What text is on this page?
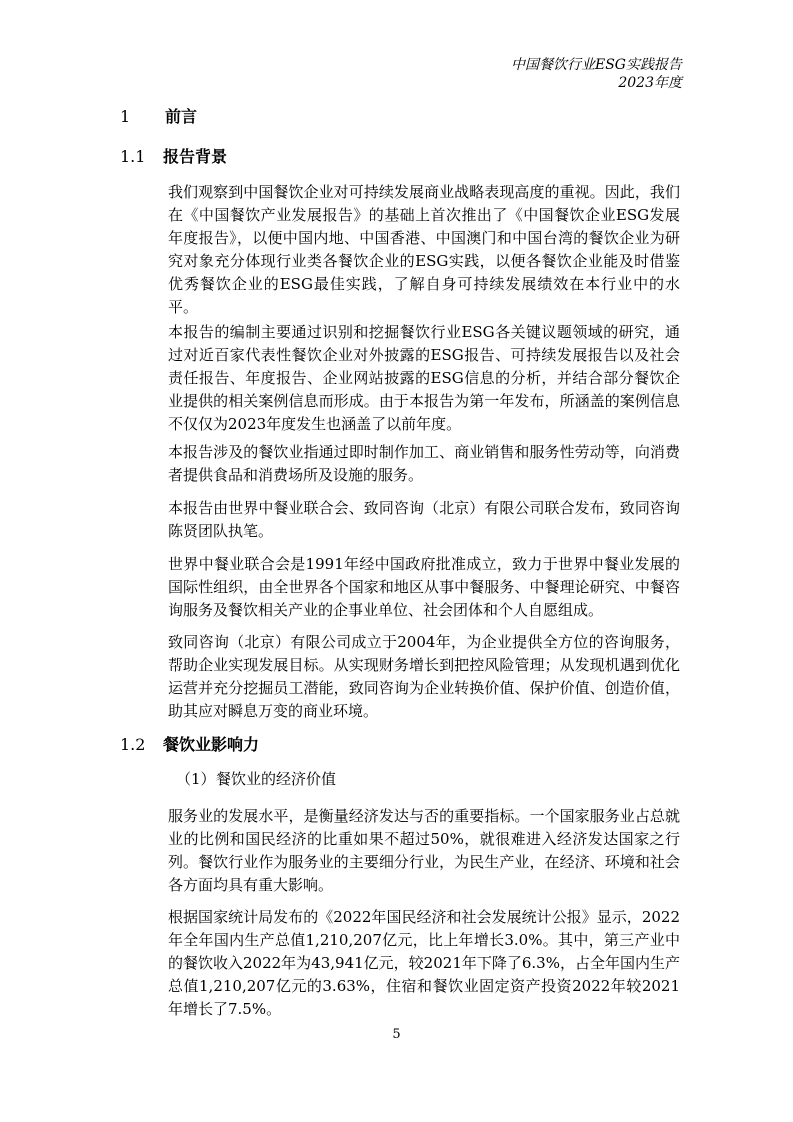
中国餐饮行业ESG实践报告
2023年度
1 前言
1.1 报告背景

我们观察到中国餐饮企业对可持续发展商业战略表现高度的重视。因此，我们在《中国餐饮产业发展报告》的基础上首次推出了《中国餐饮企业ESG发展年度报告》，以便中国内地、中国香港、中国澳门和中国台湾的餐饮企业为研究对象充分体现行业类各餐饮企业的ESG实践，以便各餐饮企业能及时借鉴优秀餐饮企业的ESG最佳实践，了解自身可持续发展绩效在本行业中的水平。

本报告的编制主要通过识别和挖掘餐饮行业ESG各关键议题领域的研究，通过对近百家代表性餐饮企业对外披露的ESG报告、可持续发展报告以及社会责任报告、年度报告、企业网站披露的ESG信息的分析，并结合部分餐饮企业提供的相关案例信息而形成。由于本报告为第一年发布，所涵盖的案例信息不仅仅为2023年度发生也涵盖了以前年度。

本报告涉及的餐饮业指通过即时制作加工、商业销售和服务性劳动等，向消费者提供食品和消费场所及设施的服务。

本报告由世界中餐业联合会、致同咨询（北京）有限公司联合发布，致同咨询陈贤团队执笔。

世界中餐业联合会是1991年经中国政府批准成立，致力于世界中餐业发展的国际性组织，由全世界各个国家和地区从事中餐服务、中餐理论研究、中餐咨询服务及餐饮相关产业的企事业单位、社会团体和个人自愿组成。

致同咨询（北京）有限公司成立于2004年，为企业提供全方位的咨询服务，帮助企业实现发展目标。从实现财务增长到把控风险管理；从发现机遇到优化运营并充分挖掘员工潜能，致同咨询为企业转换价值、保护价值、创造价值，助其应对瞬息万变的商业环境。

1.2 餐饮业影响力
（1）餐饮业的经济价值

服务业的发展水平，是衡量经济发达与否的重要指标。一个国家服务业占总就业的比例和国民经济的比重如果不超过50%，就很难进入经济发达国家之行列。餐饮行业作为服务业的主要细分行业，为民生产业，在经济、环境和社会各方面均具有重大影响。

根据国家统计局发布的《2022年国民经济和社会发展统计公报》显示，2022年全年国内生产总值1,210,207亿元，比上年增长3.0%。其中，第三产业中的餐饮收入2022年为43,941亿元，较2021年下降了6.3%，占全年国内生产总值1,210,207亿元的3.63%，住宿和餐饮业固定资产投资2022年较2021年增长了7.5%。

5
